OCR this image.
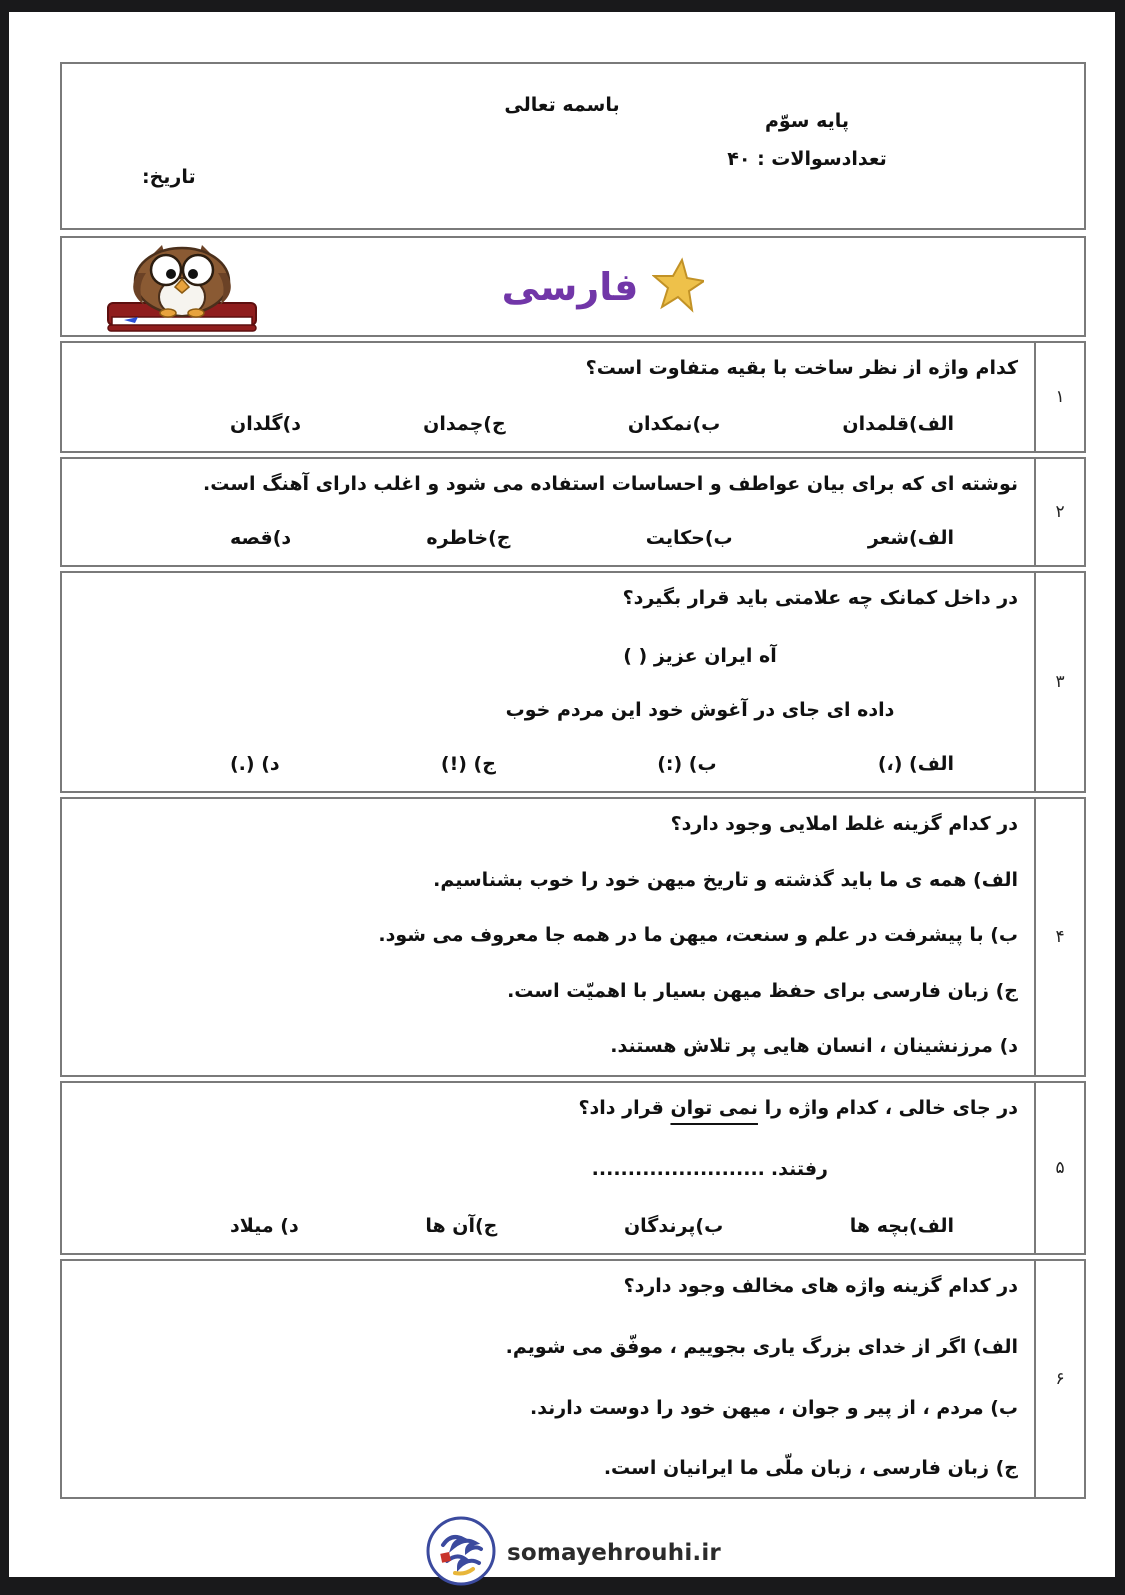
باسمه تعالی
پایه سوّم
تعدادسوالات : ۴۰
تاریخ:
فارسی
۱
کدام واژه از نظر ساخت با بقیه متفاوت است؟
الف)قلمدان
ب)نمکدان
ج)چمدان
د)گلدان
۲
نوشته ای که برای بیان عواطف و احساسات استفاده می شود و اغلب دارای آهنگ است.
الف)شعر
ب)حکایت
ج)خاطره
د)قصه
۳
در داخل کمانک چه علامتی باید قرار بگیرد؟
آه ایران عزیز ( )
داده ای جای در آغوش خود این مردم خوب
الف) (،)
ب) (:)
ج) (!)
د) (.)
۴
در کدام گزینه غلط املایی وجود دارد؟
الف) همه ی ما باید گذشته و تاریخ میهن خود را خوب بشناسیم.
ب) با پیشرفت در علم و سنعت، میهن ما در همه جا معروف می شود.
ج) زبان فارسی برای حفظ میهن بسیار با اهمیّت است.
د) مرزنشینان ، انسان هایی پر تلاش هستند.
۵
در جای خالی ، کدام واژه را نمی توان قرار داد؟
........................ رفتند.
الف)بچه ها
ب)پرندگان
ج)آن ها
د) میلاد
۶
در کدام گزینه واژه های مخالف وجود دارد؟
الف) اگر از خدای بزرگ یاری بجوییم ، موفّق می شویم.
ب) مردم ، از پیر و جوان ، میهن خود را دوست دارند.
ج) زبان فارسی ، زبان ملّی ما ایرانیان است.
somayehrouhi.ir
